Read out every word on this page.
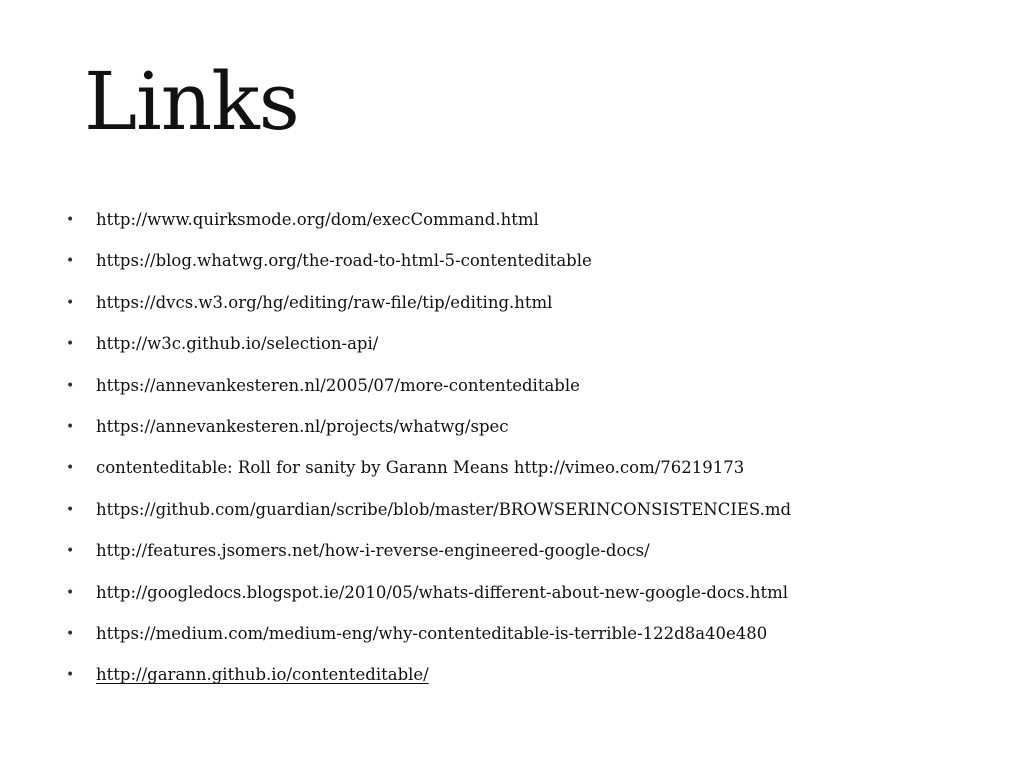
Links
• http://www.quirksmode.org/dom/execCommand.html
• https://blog.whatwg.org/the-road-to-html-5-contenteditable
• https://dvcs.w3.org/hg/editing/raw-file/tip/editing.html
• http://w3c.github.io/selection-api/
• https://annevankesteren.nl/2005/07/more-contenteditable
• https://annevankesteren.nl/projects/whatwg/spec
• contenteditable: Roll for sanity by Garann Means http://vimeo.com/76219173
• https://github.com/guardian/scribe/blob/master/BROWSERINCONSISTENCIES.md
• http://features.jsomers.net/how-i-reverse-engineered-google-docs/
• http://googledocs.blogspot.ie/2010/05/whats-different-about-new-google-docs.html
• https://medium.com/medium-eng/why-contenteditable-is-terrible-122d8a40e480
• http://garann.github.io/contenteditable/
